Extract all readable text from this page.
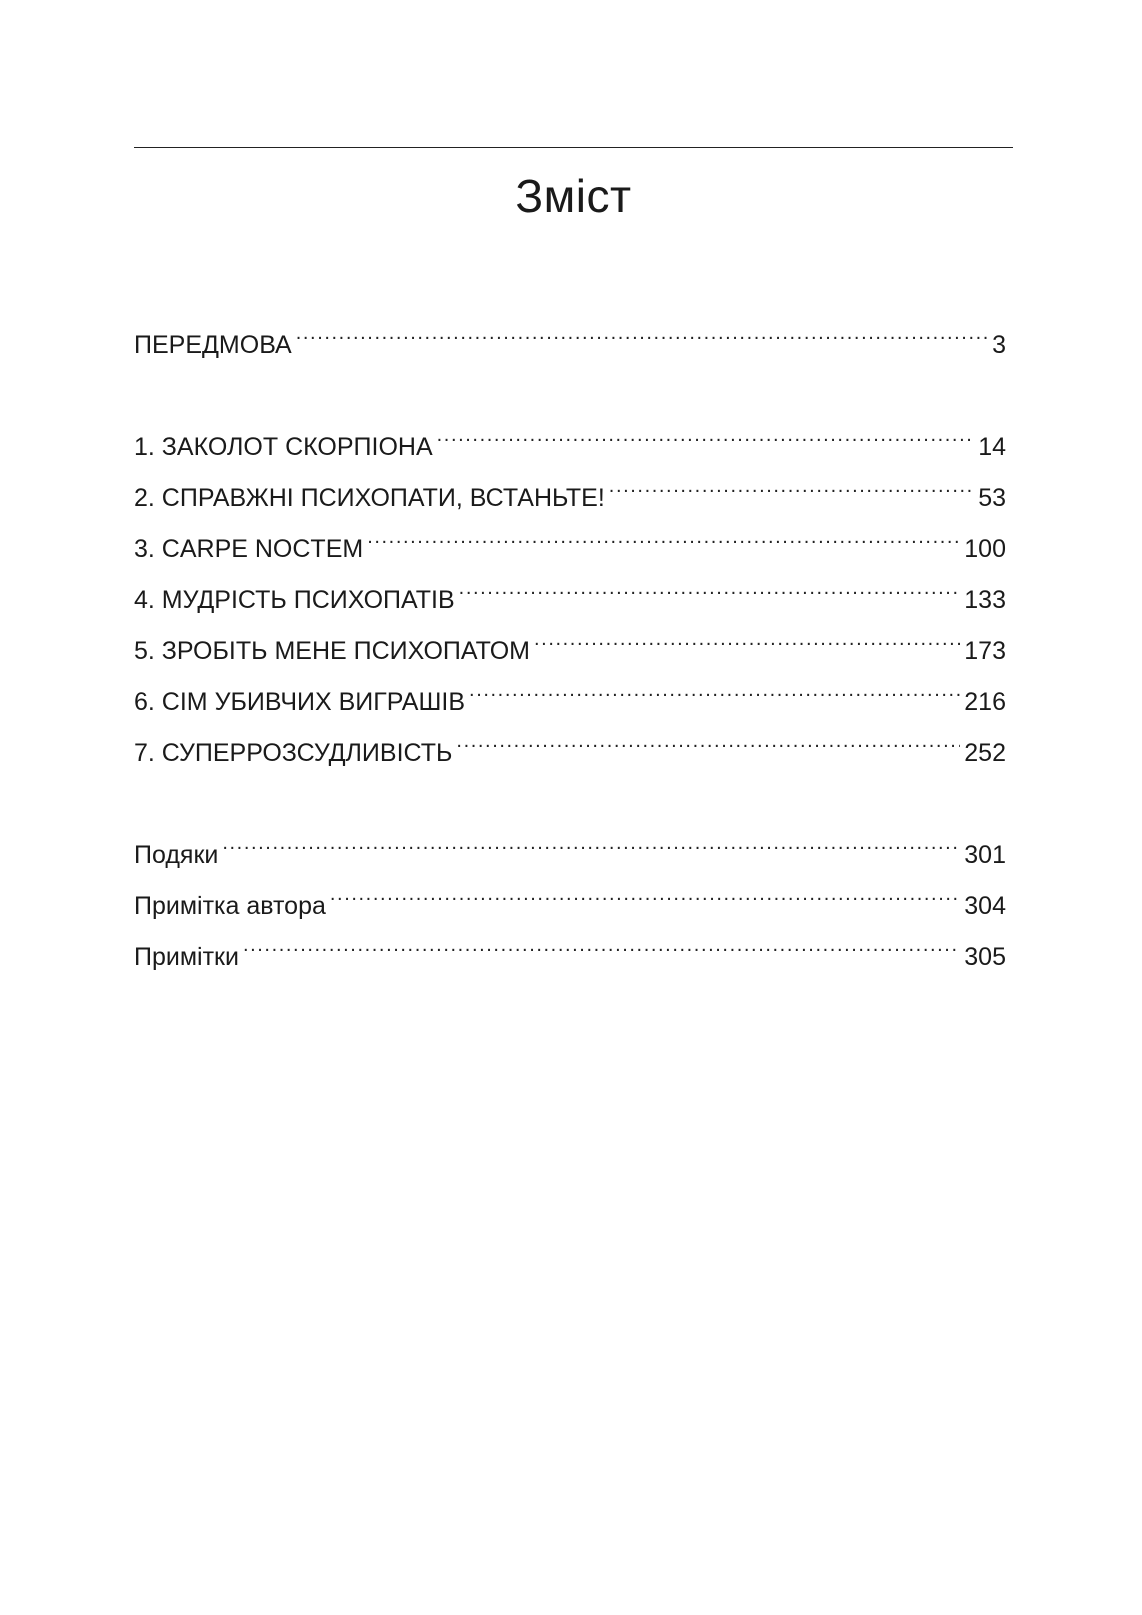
Зміст
ПЕРЕДМОВА .....	3
1. ЗАКОЛОТ СКОРПІОНА .....	14
2. СПРАВЖНІ ПСИХОПАТИ, ВСТАНЬТЕ! .....	53
3. CARPE NOCTEM .....	100
4. МУДРІСТЬ ПСИХОПАТІВ .....	133
5. ЗРОБІТЬ МЕНЕ ПСИХОПАТОМ .....	173
6. СІМ УБИВЧИХ ВИГРАШІВ .....	216
7. СУПЕРРОЗСУДЛИВІСТЬ .....	252
Подяки .....	301
Примітка автора .....	304
Примітки .....	305
